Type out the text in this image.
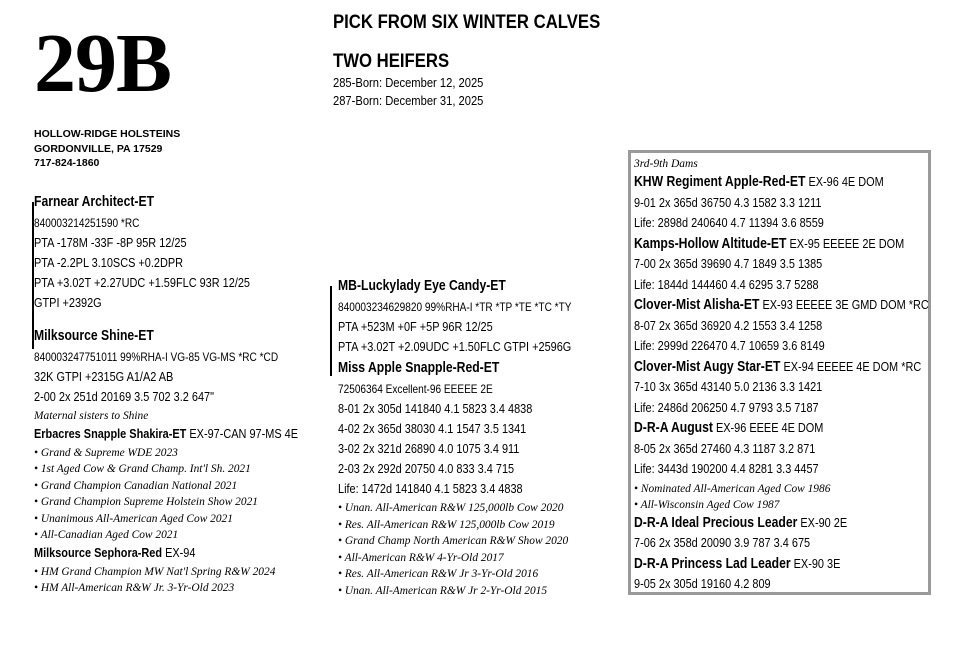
29B
HOLLOW-RIDGE HOLSTEINS
GORDONVILLE, PA 17529
717-824-1860
PICK FROM SIX WINTER CALVES
TWO HEIFERS
285-Born: December 12, 2025
287-Born: December 31, 2025
Farnear Architect-ET
840003214251590 *RC
PTA -178M -33F -8P 95R 12/25
PTA -2.2PL 3.10SCS +0.2DPR
PTA +3.02T +2.27UDC +1.59FLC 93R 12/25
GTPI +2392G
Milksource Shine-ET
840003247751011 99%RHA-I VG-85 VG-MS *RC *CD
32K GTPI +2315G A1/A2 AB
2-00 2x 251d 20169 3.5 702 3.2 647"
Maternal sisters to Shine
Erbacres Snapple Shakira-ET EX-97-CAN 97-MS 4E
• Grand & Supreme WDE 2023
• 1st Aged Cow & Grand Champ. Int'l Sh. 2021
• Grand Champion Canadian National 2021
• Grand Champion Supreme Holstein Show 2021
• Unanimous All-American Aged Cow 2021
• All-Canadian Aged Cow 2021
Milksource Sephora-Red EX-94
• HM Grand Champion MW Nat'l Spring R&W 2024
• HM All-American R&W Jr. 3-Yr-Old 2023
MB-Luckylady Eye Candy-ET
840003234629820 99%RHA-I *TR *TP *TE *TC *TY
PTA +523M +0F +5P 96R 12/25
PTA +3.02T +2.09UDC +1.50FLC GTPI +2596G
Miss Apple Snapple-Red-ET
72506364 Excellent-96 EEEEE 2E
8-01 2x 305d 141840 4.1 5823 3.4 4838
4-02 2x 365d 38030 4.1 1547 3.5 1341
3-02 2x 321d 26890 4.0 1075 3.4 911
2-03 2x 292d 20750 4.0 833 3.4 715
Life: 1472d 141840 4.1 5823 3.4 4838
• Unan. All-American R&W 125,000lb Cow 2020
• Res. All-American R&W 125,000lb Cow 2019
• Grand Champ North American R&W Show 2020
• All-American R&W 4-Yr-Old 2017
• Res. All-American R&W Jr 3-Yr-Old 2016
• Unan. All-American R&W Jr 2-Yr-Old 2015
3rd-9th Dams
KHW Regiment Apple-Red-ET EX-96 4E DOM
9-01 2x 365d 36750 4.3 1582 3.3 1211
Life: 2898d 240640 4.7 11394 3.6 8559
Kamps-Hollow Altitude-ET EX-95 EEEEE 2E DOM
7-00 2x 365d 39690 4.7 1849 3.5 1385
Life: 1844d 144460 4.4 6295 3.7 5288
Clover-Mist Alisha-ET EX-93 EEEEE 3E GMD DOM *RC
8-07 2x 365d 36920 4.2 1553 3.4 1258
Life: 2999d 226470 4.7 10659 3.6 8149
Clover-Mist Augy Star-ET EX-94 EEEEE 4E DOM *RC
7-10 3x 365d 43140 5.0 2136 3.3 1421
Life: 2486d 206250 4.7 9793 3.5 7187
D-R-A August EX-96 EEEE 4E DOM
8-05 2x 365d 27460 4.3 1187 3.2 871
Life: 3443d 190200 4.4 8281 3.3 4457
• Nominated All-American Aged Cow 1986
• All-Wisconsin Aged Cow 1987
D-R-A Ideal Precious Leader EX-90 2E
7-06 2x 358d 20090 3.9 787 3.4 675
D-R-A Princess Lad Leader EX-90 3E
9-05 2x 305d 19160 4.2 809
